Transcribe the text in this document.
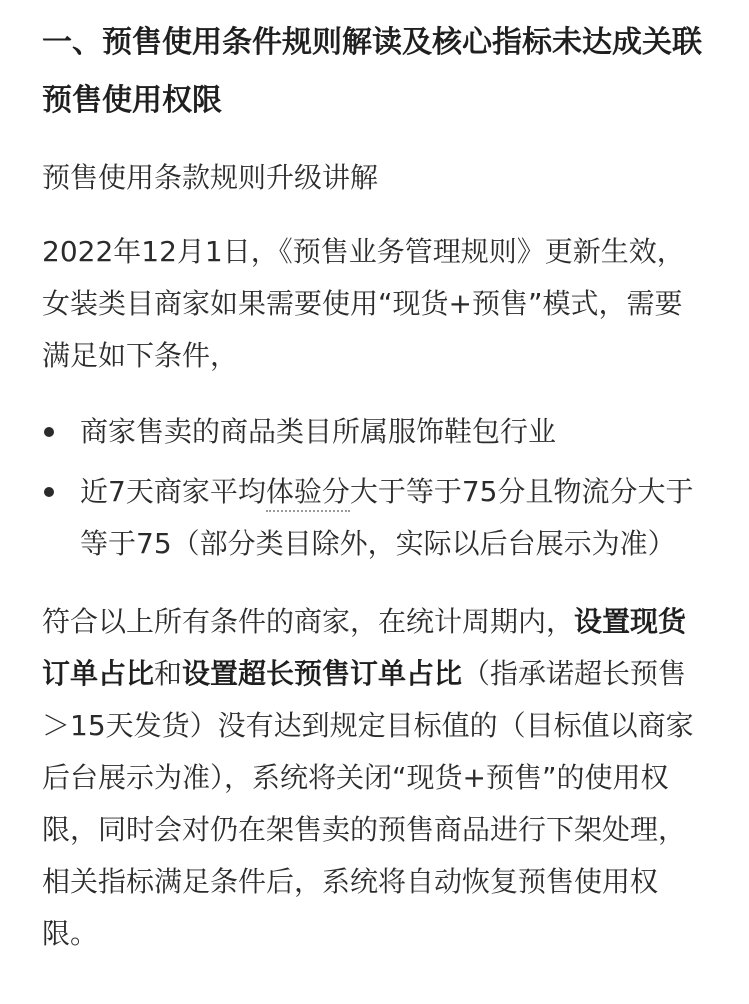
一、预售使用条件规则解读及核心指标未达成关联预售使用权限
预售使用条款规则升级讲解

2022年12月1日，《预售业务管理规则》更新生效，女装类目商家如果需要使用“现货+预售”模式，需要满足如下条件，

商家售卖的商品类目所属服饰鞋包行业
近7天商家平均体验分大于等于75分且物流分大于等于75（部分类目除外，实际以后台展示为准）

符合以上所有条件的商家，在统计周期内，设置现货订单占比和设置超长预售订单占比（指承诺超长预售＞15天发货）没有达到规定目标值的（目标值以商家后台展示为准），系统将关闭“现货+预售”的使用权限，同时会对仍在架售卖的预售商品进行下架处理，相关指标满足条件后，系统将自动恢复预售使用权限。
